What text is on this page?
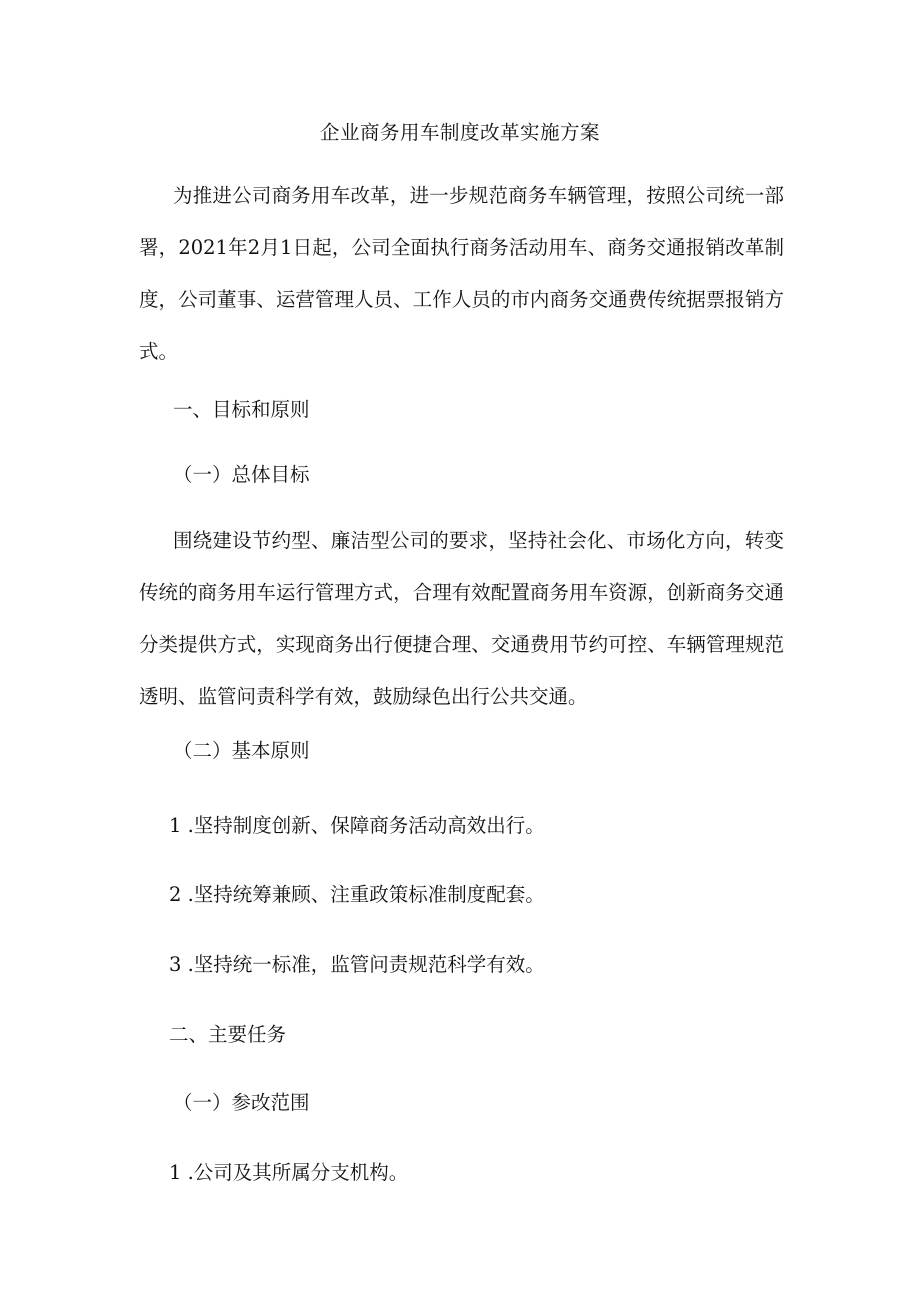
企业商务用车制度改革实施方案

为推进公司商务用车改革，进一步规范商务车辆管理，按照公司统一部署，2021年2月1日起，公司全面执行商务活动用车、商务交通报销改革制度，公司董事、运营管理人员、工作人员的市内商务交通费传统据票报销方式。

一、目标和原则
（一）总体目标

围绕建设节约型、廉洁型公司的要求，坚持社会化、市场化方向，转变传统的商务用车运行管理方式，合理有效配置商务用车资源，创新商务交通分类提供方式，实现商务出行便捷合理、交通费用节约可控、车辆管理规范透明、监管问责科学有效，鼓励绿色出行公共交通。

（二）基本原则
1 .坚持制度创新、保障商务活动高效出行。
2 .坚持统筹兼顾、注重政策标准制度配套。
3 .坚持统一标准，监管问责规范科学有效。
二、主要任务
（一）参改范围
1 .公司及其所属分支机构。
